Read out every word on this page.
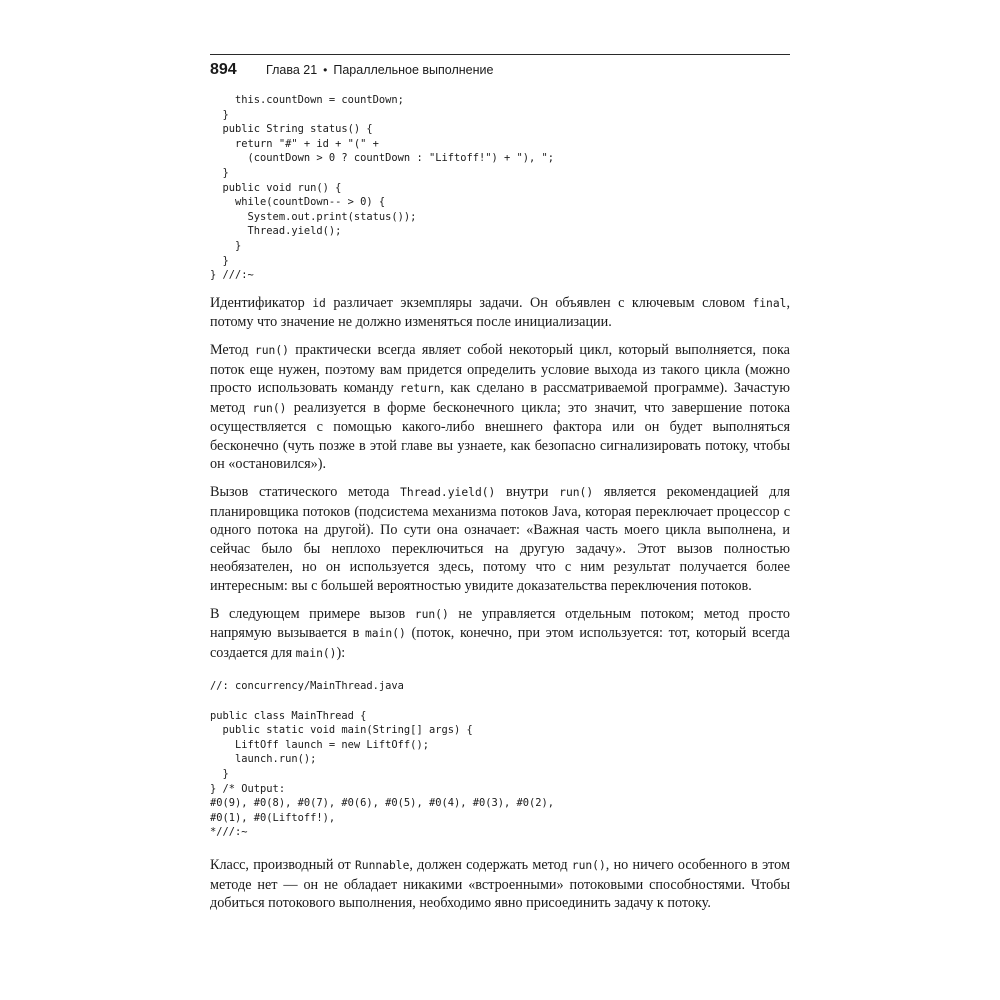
894	Глава 21 • Параллельное выполнение
this.countDown = countDown;
}
public String status() {
return "#" + id + "(" +
(countDown > 0 ? countDown : "Liftoff!") + "), ";
}
public void run() {
while(countDown-- > 0) {
System.out.print(status());
Thread.yield();
}
}
} ///:~

Идентификатор id различает экземпляры задачи. Он объявлен с ключевым словом final, потому что значение не должно изменяться после инициализации.

Метод run() практически всегда являет собой некоторый цикл, который выполняется, пока поток еще нужен, поэтому вам придется определить условие выхода из такого цикла (можно просто использовать команду return, как сделано в рассматриваемой программе). Зачастую метод run() реализуется в форме бесконечного цикла; это значит, что завершение потока осуществляется с помощью какого-либо внешнего фактора или он будет выполняться бесконечно (чуть позже в этой главе вы узнаете, как безопасно сигнализировать потоку, чтобы он «остановился»).

Вызов статического метода Thread.yield() внутри run() является рекомендацией для планировщика потоков (подсистема механизма потоков Java, которая переключает процессор с одного потока на другой). По сути она означает: «Важная часть моего цикла выполнена, и сейчас было бы неплохо переключиться на другую задачу». Этот вызов полностью необязателен, но он используется здесь, потому что с ним результат получается более интересным: вы с большей вероятностью увидите доказательства переключения потоков.

В следующем примере вызов run() не управляется отдельным потоком; метод просто напрямую вызывается в main() (поток, конечно, при этом используется: тот, который всегда создается для main()):

//: concurrency/MainThread.java

public class MainThread {
public static void main(String[] args) {
LiftOff launch = new LiftOff();
launch.run();
}
} /* Output:
#0(9), #0(8), #0(7), #0(6), #0(5), #0(4), #0(3), #0(2),
#0(1), #0(Liftoff!),
*///:~

Класс, производный от Runnable, должен содержать метод run(), но ничего особенного в этом методе нет — он не обладает никакими «встроенными» потоковыми способностями. Чтобы добиться потокового выполнения, необходимо явно присоединить задачу к потоку.
